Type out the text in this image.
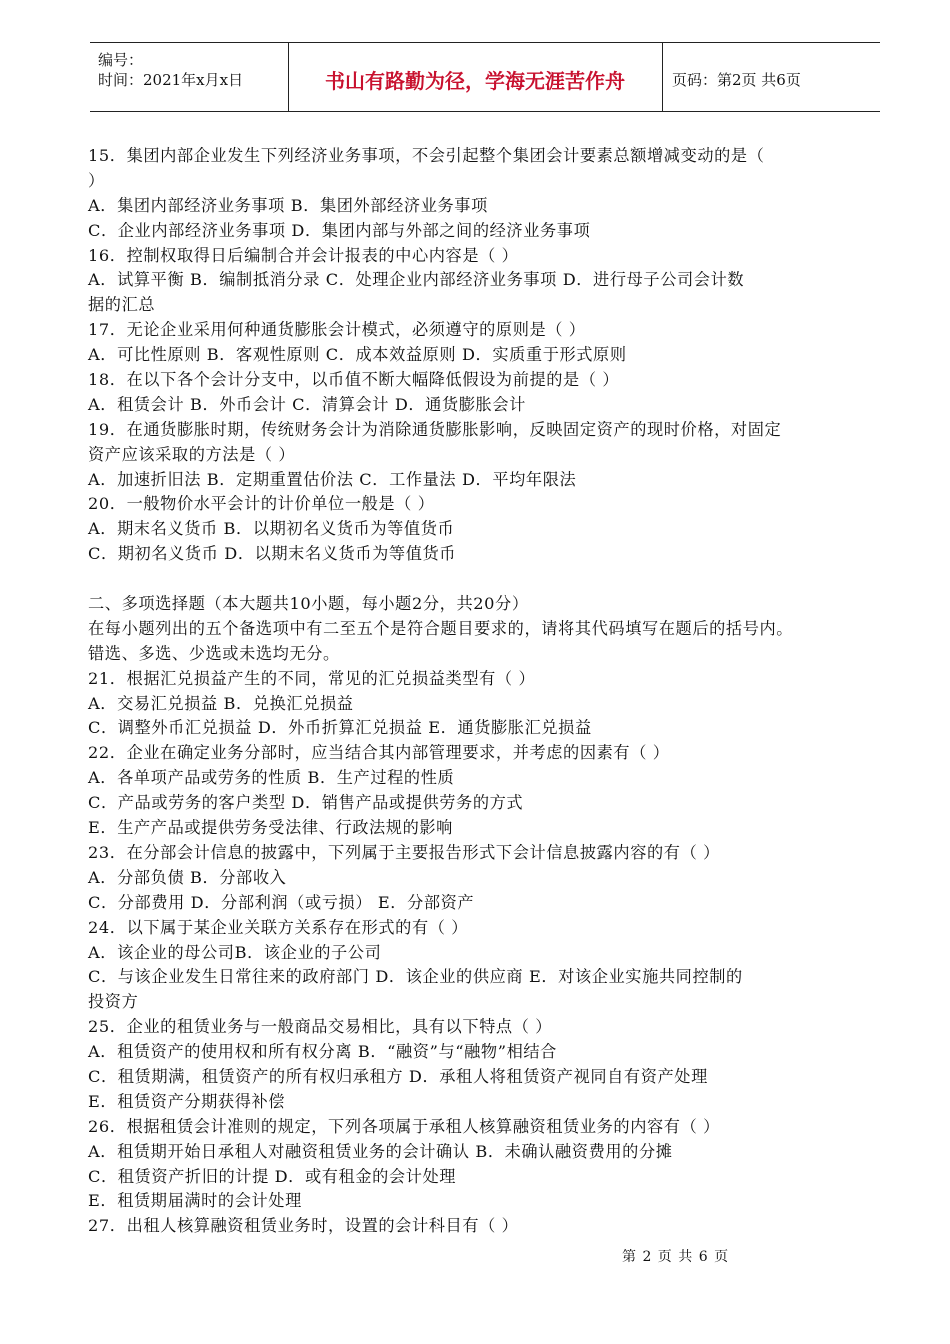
编号：
时间：2021年x月x日	书山有路勤为径，学海无涯苦作舟	页码：第2页 共6页
15．集团内部企业发生下列经济业务事项，不会引起整个集团会计要素总额增减变动的是（
）
A．集团内部经济业务事项 B．集团外部经济业务事项
C．企业内部经济业务事项 D．集团内部与外部之间的经济业务事项
16．控制权取得日后编制合并会计报表的中心内容是（ ）
A．试算平衡 B．编制抵消分录 C．处理企业内部经济业务事项 D．进行母子公司会计数
据的汇总
17．无论企业采用何种通货膨胀会计模式，必须遵守的原则是（ ）
A．可比性原则 B．客观性原则 C．成本效益原则 D．实质重于形式原则
18．在以下各个会计分支中，以币值不断大幅降低假设为前提的是（ ）
A．租赁会计 B．外币会计 C．清算会计 D．通货膨胀会计
19．在通货膨胀时期，传统财务会计为消除通货膨胀影响，反映固定资产的现时价格，对固定
资产应该采取的方法是（ ）
A．加速折旧法 B．定期重置估价法 C．工作量法 D．平均年限法
20．一般物价水平会计的计价单位一般是（ ）
A．期末名义货币 B．以期初名义货币为等值货币
C．期初名义货币 D．以期末名义货币为等值货币
二、多项选择题（本大题共10小题，每小题2分，共20分）
在每小题列出的五个备选项中有二至五个是符合题目要求的，请将其代码填写在题后的括号内。
错选、多选、少选或未选均无分。
21．根据汇兑损益产生的不同，常见的汇兑损益类型有（ ）
A．交易汇兑损益 B．兑换汇兑损益
C．调整外币汇兑损益 D．外币折算汇兑损益 E．通货膨胀汇兑损益
22．企业在确定业务分部时，应当结合其内部管理要求，并考虑的因素有（ ）
A．各单项产品或劳务的性质 B．生产过程的性质
C．产品或劳务的客户类型 D．销售产品或提供劳务的方式
E．生产产品或提供劳务受法律、行政法规的影响
23．在分部会计信息的披露中，下列属于主要报告形式下会计信息披露内容的有（ ）
A．分部负债 B．分部收入
C．分部费用 D．分部利润（或亏损） E．分部资产
24．以下属于某企业关联方关系存在形式的有（ ）
A．该企业的母公司B．该企业的子公司
C．与该企业发生日常往来的政府部门 D．该企业的供应商 E．对该企业实施共同控制的
投资方
25．企业的租赁业务与一般商品交易相比，具有以下特点（ ）
A．租赁资产的使用权和所有权分离 B．“融资”与“融物”相结合
C．租赁期满，租赁资产的所有权归承租方 D．承租人将租赁资产视同自有资产处理
E．租赁资产分期获得补偿
26．根据租赁会计准则的规定，下列各项属于承租人核算融资租赁业务的内容有（ ）
A．租赁期开始日承租人对融资租赁业务的会计确认 B．未确认融资费用的分摊
C．租赁资产折旧的计提 D．或有租金的会计处理
E．租赁期届满时的会计处理
27．出租人核算融资租赁业务时，设置的会计科目有（ ）
第 2 页 共 6 页
